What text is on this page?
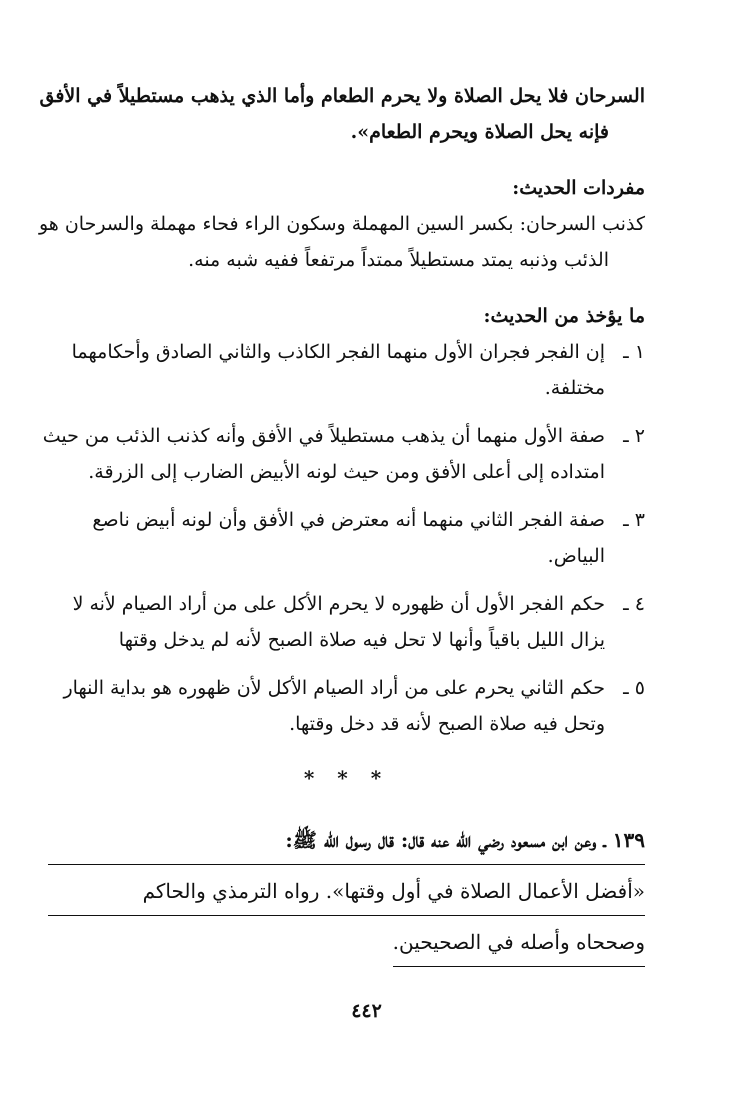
السرحان فلا يحل الصلاة ولا يحرم الطعام وأما الذي يذهب مستطيلاً في الأفق
فإنه يحل الصلاة ويحرم الطعام».
مفردات الحديث:
كذنب السرحان: بكسر السين المهملة وسكون الراء فحاء مهملة والسرحان هو
الذئب وذنبه يمتد مستطيلاً ممتداً مرتفعاً ففيه شبه منه.
ما يؤخذ من الحديث:
١ ـ
إن الفجر فجران الأول منهما الفجر الكاذب والثاني الصادق وأحكامهما
مختلفة.
٢ ـ
صفة الأول منهما أن يذهب مستطيلاً في الأفق وأنه كذنب الذئب من حيث
امتداده إلى أعلى الأفق ومن حيث لونه الأبيض الضارب إلى الزرقة.
٣ ـ
صفة الفجر الثاني منهما أنه معترض في الأفق وأن لونه أبيض ناصع
البياض.
٤ ـ
حكم الفجر الأول أن ظهوره لا يحرم الأكل على من أراد الصيام لأنه لا
يزال الليل باقياً وأنها لا تحل فيه صلاة الصبح لأنه لم يدخل وقتها
٥ ـ
حكم الثاني يحرم على من أراد الصيام الأكل لأن ظهوره هو بداية النهار
وتحل فيه صلاة الصبح لأنه قد دخل وقتها.
* * *
١٣٩ ـ وعن ابن مسعود رضي الله عنه قال: قال رسول الله ﷺ:
«أفضل الأعمال الصلاة في أول وقتها». رواه الترمذي والحاكم
وصححاه وأصله في الصحيحين.
٤٤٢
